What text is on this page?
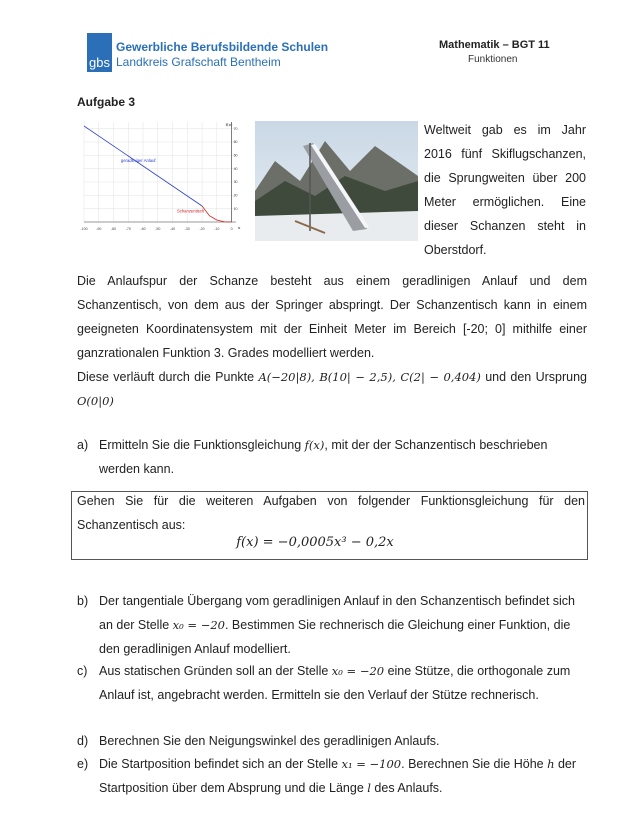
gbs
Gewerbliche Berufsbildende Schulen
Landkreis Grafschaft Bentheim
Mathematik – BGT 11
Funktionen
Aufgabe 3
-100 -90	-80	-70	-60	-50	-40	-30	-20	-10	0
70
60
50
40
30
20
10
f(x)
x
geradliniger Anlauf
Schanzentisch
Weltweit gab es im Jahr 2016 fünf Skiflugschanzen, die Sprungweiten über 200 Meter ermöglichen. Eine dieser Schanzen steht in Oberstdorf.
Die Anlaufspur der Schanze besteht aus einem geradlinigen Anlauf und dem Schanzentisch, von dem aus der Springer abspringt. Der Schanzentisch kann in einem geeigneten Koordinatensystem mit der Einheit Meter im Bereich [-20; 0] mithilfe einer ganzrationalen Funktion 3. Grades modelliert werden.
Diese verläuft durch die Punkte A(−20|8), B(10| − 2,5), C(2| − 0,404) und den Ursprung O(0|0)
a) Ermitteln Sie die Funktionsgleichung f(x), mit der der Schanzentisch beschrieben werden kann.
Gehen Sie für die weiteren Aufgaben von folgender Funktionsgleichung für den Schanzentisch aus:
f(x) = −0,0005x³ − 0,2x
b) Der tangentiale Übergang vom geradlinigen Anlauf in den Schanzentisch befindet sich an der Stelle x₀ = −20. Bestimmen Sie rechnerisch die Gleichung einer Funktion, die den geradlinigen Anlauf modelliert.
c) Aus statischen Gründen soll an der Stelle x₀ = −20 eine Stütze, die orthogonale zum Anlauf ist, angebracht werden. Ermitteln sie den Verlauf der Stütze rechnerisch.
d) Berechnen Sie den Neigungswinkel des geradlinigen Anlaufs.
e) Die Startposition befindet sich an der Stelle x₁ = −100. Berechnen Sie die Höhe h der Startposition über dem Absprung und die Länge l des Anlaufs.
